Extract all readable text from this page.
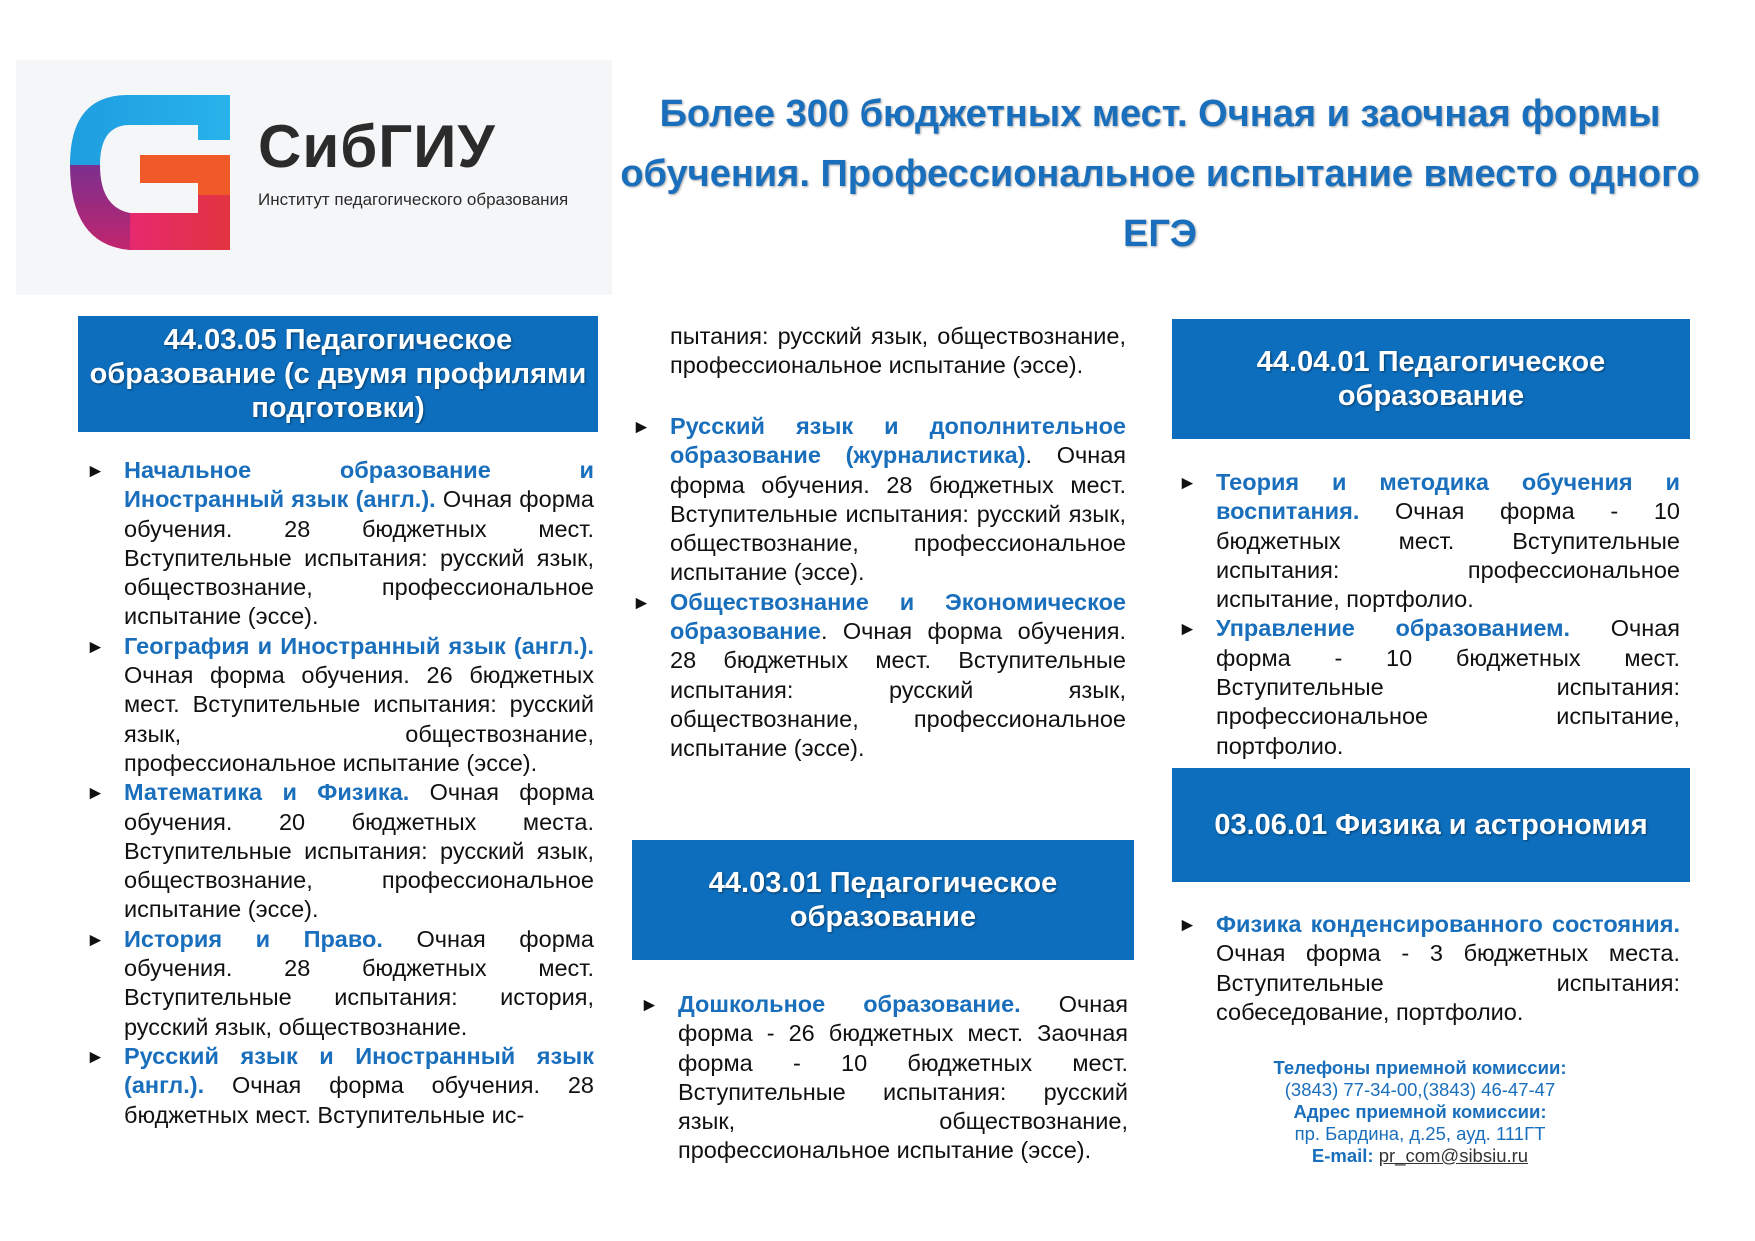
СибГИУ
Институт педагогического образования
Более 300 бюджетных мест. Очная и заочная формы обучения. Профессиональное испытание вместо одного ЕГЭ
44.03.05 Педагогическое образование (с двумя профилями подготовки)
► Начальное образование и Иностранный язык (англ.). Очная форма обучения. 28 бюджетных мест. Вступительные испытания: русский язык, обществознание, профессиональное испытание (эссе).
► География и Иностранный язык (англ.). Очная форма обучения. 26 бюджетных мест. Вступительные испытания: русский язык, обществознание, профессиональное испытание (эссе).
► Математика и Физика. Очная форма обучения. 20 бюджетных места. Вступительные испытания: русский язык, обществознание, профессиональное испытание (эссе).
► История и Право. Очная форма обучения. 28 бюджетных мест. Вступительные испытания: история, русский язык, обществознание.
► Русский язык и Иностранный язык (англ.). Очная форма обучения. 28 бюджетных мест. Вступительные ис-

пытания: русский язык, обществознание, профессиональное испытание (эссе).

► Русский язык и дополнительное образование (журналистика). Очная форма обучения. 28 бюджетных мест. Вступительные испытания: русский язык, обществознание, профессиональное испытание (эссе).
► Обществознание и Экономическое образование. Очная форма обучения. 28 бюджетных мест. Вступительные испытания: русский язык, обществознание, профессиональное испытание (эссе).
44.03.01 Педагогическое образование
► Дошкольное образование. Очная форма - 26 бюджетных мест. Заочная форма - 10 бюджетных мест. Вступительные испытания: русский язык, обществознание, профессиональное испытание (эссе).
44.04.01 Педагогическое образование
► Теория и методика обучения и воспитания. Очная форма - 10 бюджетных мест. Вступительные испытания: профессиональное испытание, портфолио.
► Управление образованием. Очная форма - 10 бюджетных мест. Вступительные испытания: профессиональное испытание, портфолио.
03.06.01 Физика и астрономия
► Физика конденсированного состояния. Очная форма - 3 бюджетных места. Вступительные испытания: собеседование, портфолио.
Телефоны приемной комиссии:
(3843) 77-34-00,(3843) 46-47-47
Адрес приемной комиссии:
пр. Бардина, д.25, ауд. 111ГТ
E-mail: pr_com@sibsiu.ru
